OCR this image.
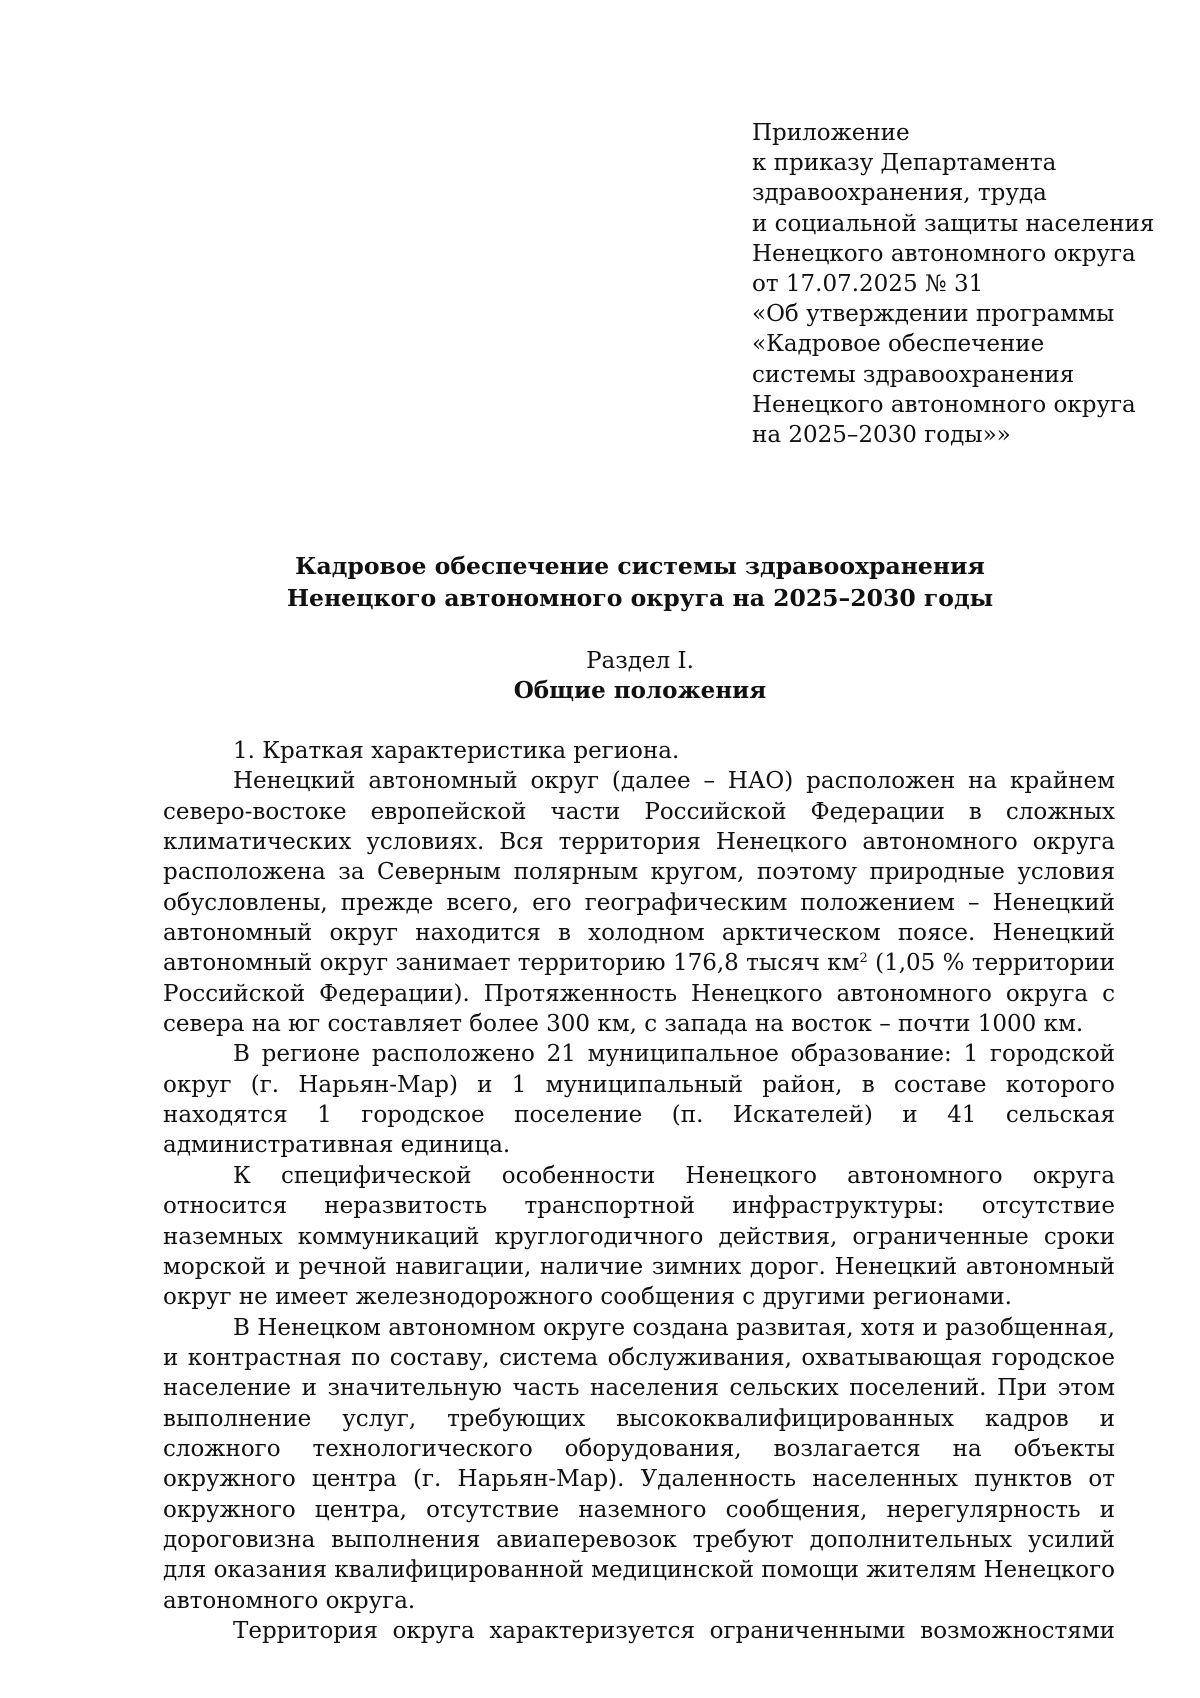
Приложение
к приказу Департамента
здравоохранения, труда
и социальной защиты населения
Ненецкого автономного округа
от 17.07.2025 № 31
«Об утверждении программы
«Кадровое обеспечение
системы здравоохранения
Ненецкого автономного округа
на 2025–2030 годы»»
Кадровое обеспечение системы здравоохранения
Ненецкого автономного округа на 2025–2030 годы
Раздел I.
Общие положения

1. Краткая характеристика региона.

Ненецкий автономный округ (далее – НАО) расположен на крайнем северо-востоке европейской части Российской Федерации в сложных климатических условиях. Вся территория Ненецкого автономного округа расположена за Северным полярным кругом, поэтому природные условия обусловлены, прежде всего, его географическим положением – Ненецкий автономный округ находится в холодном арктическом поясе. Ненецкий автономный округ занимает территорию 176,8 тысяч $км^2$ (1,05 % территории Российской Федерации). Протяженность Ненецкого автономного округа с севера на юг составляет более 300 км, с запада на восток – почти 1000 км.

В регионе расположено 21 муниципальное образование: 1 городской округ (г. Нарьян-Мар) и 1 муниципальный район, в составе которого находятся 1 городское поселение (п. Искателей) и 41 сельская административная единица.

К специфической особенности Ненецкого автономного округа относится неразвитость транспортной инфраструктуры: отсутствие наземных коммуникаций круглогодичного действия, ограниченные сроки морской и речной навигации, наличие зимних дорог. Ненецкий автономный округ не имеет железнодорожного сообщения с другими регионами.

В Ненецком автономном округе создана развитая, хотя и разобщенная, и контрастная по составу, система обслуживания, охватывающая городское население и значительную часть населения сельских поселений. При этом выполнение услуг, требующих высококвалифицированных кадров и сложного технологического оборудования, возлагается на объекты окружного центра (г. Нарьян-Мар). Удаленность населенных пунктов от окружного центра, отсутствие наземного сообщения, нерегулярность и дороговизна выполнения авиаперевозок требуют дополнительных усилий для оказания квалифицированной медицинской помощи жителям Ненецкого автономного округа.

Территория округа характеризуется ограниченными возможностями
